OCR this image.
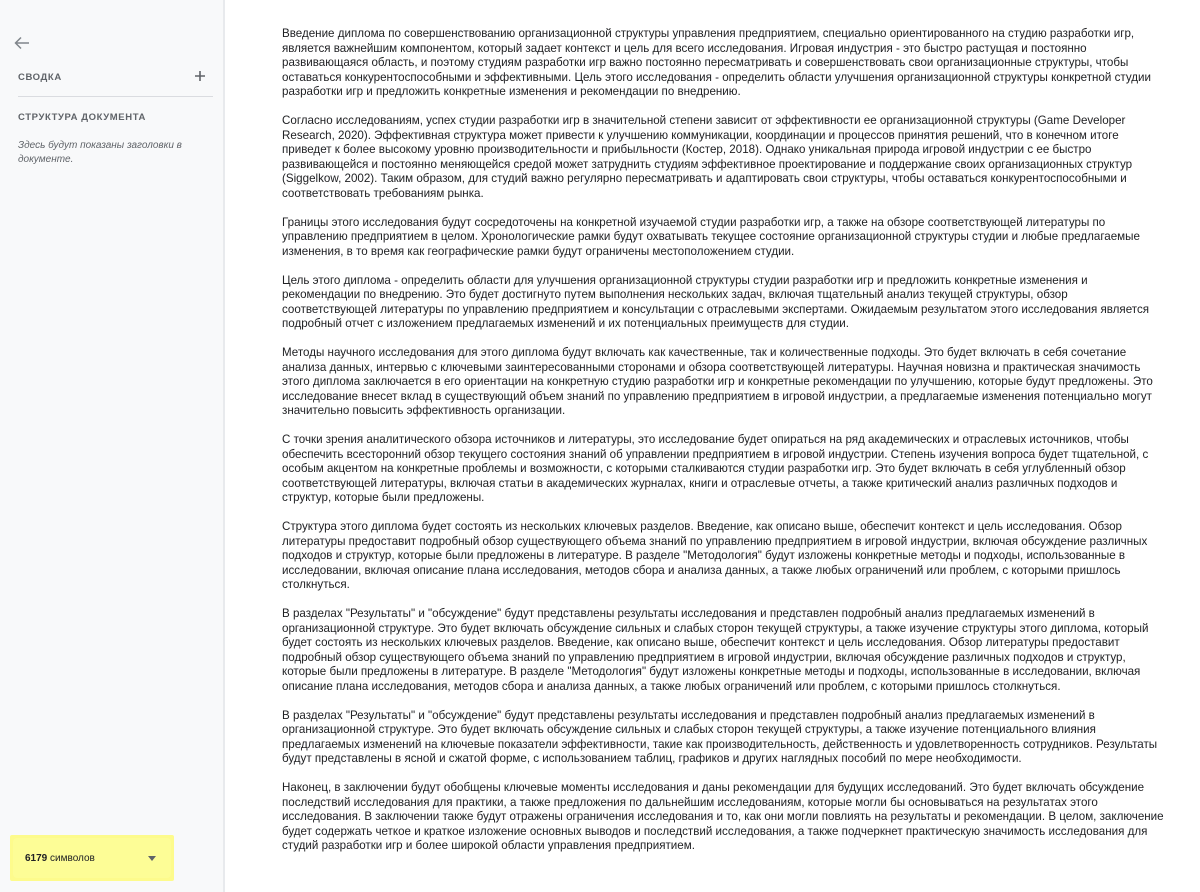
СВОДКА
СТРУКТУРА ДОКУМЕНТА
Здесь будут показаны заголовки в документе.
6179 символов

Введение диплома по совершенствованию организационной структуры управления предприятием, специально ориентированного на студию разработки игр, является важнейшим компонентом, который задает контекст и цель для всего исследования. Игровая индустрия - это быстро растущая и постоянно развивающаяся область, и поэтому студиям разработки игр важно постоянно пересматривать и совершенствовать свои организационные структуры, чтобы оставаться конкурентоспособными и эффективными. Цель этого исследования - определить области улучшения организационной структуры конкретной студии разработки игр и предложить конкретные изменения и рекомендации по внедрению.

Согласно исследованиям, успех студии разработки игр в значительной степени зависит от эффективности ее организационной структуры (Game Developer Research, 2020). Эффективная структура может привести к улучшению коммуникации, координации и процессов принятия решений, что в конечном итоге приведет к более высокому уровню производительности и прибыльности (Костер, 2018). Однако уникальная природа игровой индустрии с ее быстро развивающейся и постоянно меняющейся средой может затруднить студиям эффективное проектирование и поддержание своих организационных структур (Siggelkow, 2002). Таким образом, для студий важно регулярно пересматривать и адаптировать свои структуры, чтобы оставаться конкурентоспособными и соответствовать требованиям рынка.

Границы этого исследования будут сосредоточены на конкретной изучаемой студии разработки игр, а также на обзоре соответствующей литературы по управлению предприятием в целом. Хронологические рамки будут охватывать текущее состояние организационной структуры студии и любые предлагаемые изменения, в то время как географические рамки будут ограничены местоположением студии.

Цель этого диплома - определить области для улучшения организационной структуры студии разработки игр и предложить конкретные изменения и рекомендации по внедрению. Это будет достигнуто путем выполнения нескольких задач, включая тщательный анализ текущей структуры, обзор соответствующей литературы по управлению предприятием и консультации с отраслевыми экспертами. Ожидаемым результатом этого исследования является подробный отчет с изложением предлагаемых изменений и их потенциальных преимуществ для студии.

Методы научного исследования для этого диплома будут включать как качественные, так и количественные подходы. Это будет включать в себя сочетание анализа данных, интервью с ключевыми заинтересованными сторонами и обзора соответствующей литературы. Научная новизна и практическая значимость этого диплома заключается в его ориентации на конкретную студию разработки игр и конкретные рекомендации по улучшению, которые будут предложены. Это исследование внесет вклад в существующий объем знаний по управлению предприятием в игровой индустрии, а предлагаемые изменения потенциально могут значительно повысить эффективность организации.

С точки зрения аналитического обзора источников и литературы, это исследование будет опираться на ряд академических и отраслевых источников, чтобы обеспечить всесторонний обзор текущего состояния знаний об управлении предприятием в игровой индустрии. Степень изучения вопроса будет тщательной, с особым акцентом на конкретные проблемы и возможности, с которыми сталкиваются студии разработки игр. Это будет включать в себя углубленный обзор соответствующей литературы, включая статьи в академических журналах, книги и отраслевые отчеты, а также критический анализ различных подходов и структур, которые были предложены.

Структура этого диплома будет состоять из нескольких ключевых разделов. Введение, как описано выше, обеспечит контекст и цель исследования. Обзор литературы предоставит подробный обзор существующего объема знаний по управлению предприятием в игровой индустрии, включая обсуждение различных подходов и структур, которые были предложены в литературе. В разделе "Методология" будут изложены конкретные методы и подходы, использованные в исследовании, включая описание плана исследования, методов сбора и анализа данных, а также любых ограничений или проблем, с которыми пришлось столкнуться.

В разделах "Результаты" и "обсуждение" будут представлены результаты исследования и представлен подробный анализ предлагаемых изменений в организационной структуре. Это будет включать обсуждение сильных и слабых сторон текущей структуры, а также изучение структуры этого диплома, который будет состоять из нескольких ключевых разделов. Введение, как описано выше, обеспечит контекст и цель исследования. Обзор литературы предоставит подробный обзор существующего объема знаний по управлению предприятием в игровой индустрии, включая обсуждение различных подходов и структур, которые были предложены в литературе. В разделе "Методология" будут изложены конкретные методы и подходы, использованные в исследовании, включая описание плана исследования, методов сбора и анализа данных, а также любых ограничений или проблем, с которыми пришлось столкнуться.

В разделах "Результаты" и "обсуждение" будут представлены результаты исследования и представлен подробный анализ предлагаемых изменений в организационной структуре. Это будет включать обсуждение сильных и слабых сторон текущей структуры, а также изучение потенциального влияния предлагаемых изменений на ключевые показатели эффективности, такие как производительность, действенность и удовлетворенность сотрудников. Результаты будут представлены в ясной и сжатой форме, с использованием таблиц, графиков и других наглядных пособий по мере необходимости.

Наконец, в заключении будут обобщены ключевые моменты исследования и даны рекомендации для будущих исследований. Это будет включать обсуждение последствий исследования для практики, а также предложения по дальнейшим исследованиям, которые могли бы основываться на результатах этого исследования. В заключении также будут отражены ограничения исследования и то, как они могли повлиять на результаты и рекомендации. В целом, заключение будет содержать четкое и краткое изложение основных выводов и последствий исследования, а также подчеркнет практическую значимость исследования для студий разработки игр и более широкой области управления предприятием.
